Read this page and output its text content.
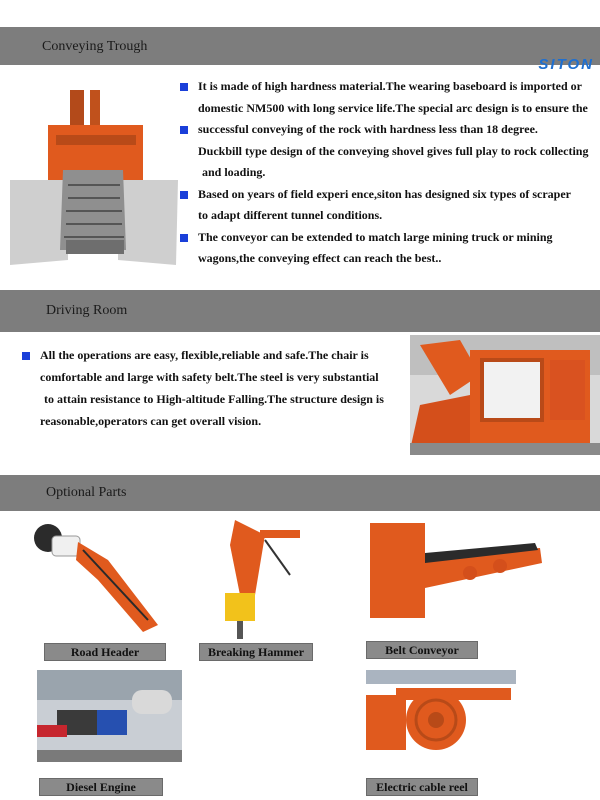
Conveying Trough
SITON
It is made of high hardness material.The wearing baseboard is imported or
domestic NM500 with long service life.The special arc design is to ensure the
successful conveying of the rock with hardness less than 18 degree.
Duckbill type design of the conveying shovel gives full play to rock collecting
and loading.
Based on years of field experi ence,siton has designed six types of scraper
to adapt different tunnel conditions.
The conveyor can be extended to match large mining truck or mining
wagons,the conveying effect can reach the best..
Driving Room
All the operations are easy, flexible,reliable and safe.The chair is
comfortable and large with safety belt.The steel is very substantial
to attain resistance to High-altitude Falling.The structure design is
reasonable,operators can get overall vision.
Optional Parts
Road Header	Breaking Hammer	Belt Conveyor
Diesel Engine	Electric cable reel
